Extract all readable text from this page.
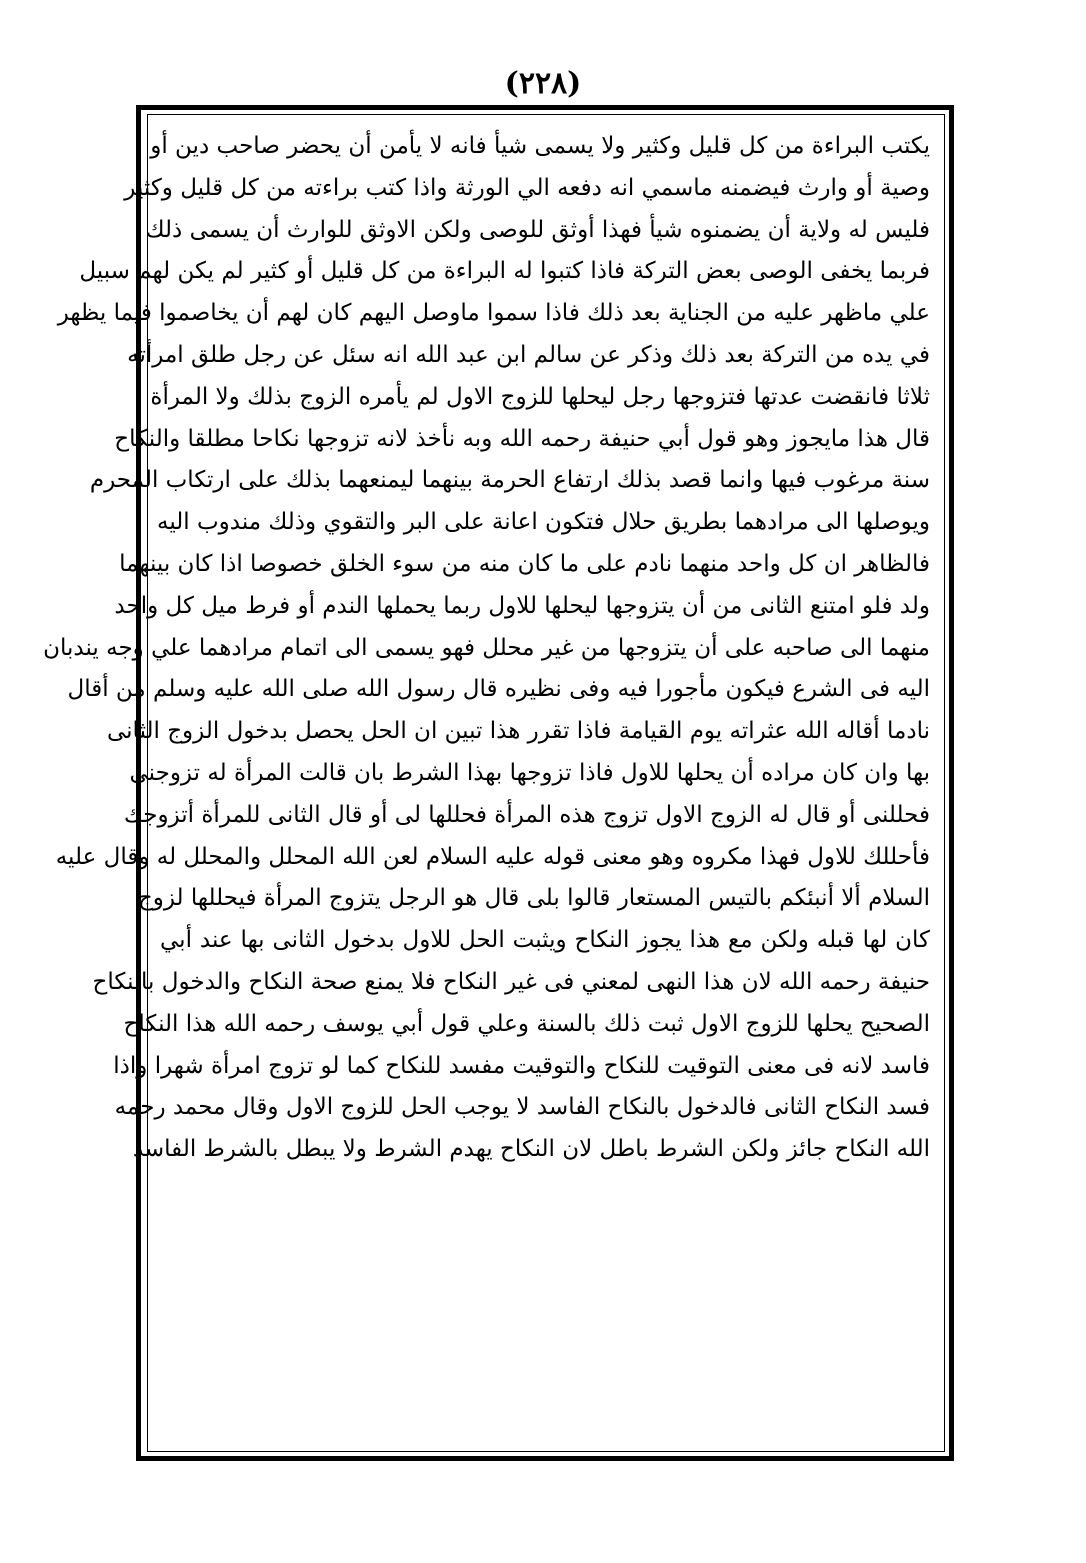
(٢٢٨)
يكتب البراءة من كل قليل وكثير ولا يسمى شيأ فانه لا يأمن أن يحضر صاحب دين أو
وصية أو وارث فيضمنه ماسمي انه دفعه الي الورثة واذا كتب براءته من كل قليل وكثير
فليس له ولاية أن يضمنوه شيأ فهذا أوثق للوصى ولكن الاوثق للوارث أن يسمى ذلك
فربما يخفى الوصى بعض التركة فاذا كتبوا له البراءة من كل قليل أو كثير لم يكن لهم سبيل
علي ماظهر عليه من الجناية بعد ذلك فاذا سموا ماوصل اليهم كان لهم أن يخاصموا فيما يظهر
في يده من التركة بعد ذلك وذكر عن سالم ابن عبد الله انه سئل عن رجل طلق امرأته
ثلاثا فانقضت عدتها فتزوجها رجل ليحلها للزوج الاول لم يأمره الزوج بذلك ولا المرأة
قال هذا مايجوز وهو قول أبي حنيفة رحمه الله وبه نأخذ لانه تزوجها نكاحا مطلقا والنكاح
سنة مرغوب فيها وانما قصد بذلك ارتفاع الحرمة بينهما ليمنعهما بذلك على ارتكاب المحرم
ويوصلها الى مرادهما بطريق حلال فتكون اعانة على البر والتقوي وذلك مندوب اليه
فالظاهر ان كل واحد منهما نادم على ما كان منه من سوء الخلق خصوصا اذا كان بينهما
ولد فلو امتنع الثانى من أن يتزوجها ليحلها للاول ربما يحملها الندم أو فرط ميل كل واحد
منهما الى صاحبه على أن يتزوجها من غير محلل فهو يسمى الى اتمام مرادهما علي وجه يندبان
اليه فى الشرع فيكون مأجورا فيه وفى نظيره قال رسول الله صلى الله عليه وسلم من أقال
نادما أقاله الله عثراته يوم القيامة فاذا تقرر هذا تبين ان الحل يحصل بدخول الزوج الثانى
بها وان كان مراده أن يحلها للاول فاذا تزوجها بهذا الشرط بان قالت المرأة له تزوجنى
فحللنى أو قال له الزوج الاول تزوج هذه المرأة فحللها لى أو قال الثانى للمرأة أتزوجك
فأحللك للاول فهذا مكروه وهو معنى قوله عليه السلام لعن الله المحلل والمحلل له وقال عليه
السلام ألا أنبئكم بالتيس المستعار قالوا بلى قال هو الرجل يتزوج المرأة فيحللها لزوج
كان لها قبله ولكن مع هذا يجوز النكاح ويثبت الحل للاول بدخول الثانى بها عند أبي
حنيفة رحمه الله لان هذا النهى لمعني فى غير النكاح فلا يمنع صحة النكاح والدخول بالنكاح
الصحيح يحلها للزوج الاول ثبت ذلك بالسنة وعلي قول أبي يوسف رحمه الله هذا النكاح
فاسد لانه فى معنى التوقيت للنكاح والتوقيت مفسد للنكاح كما لو تزوج امرأة شهرا واذا
فسد النكاح الثانى فالدخول بالنكاح الفاسد لا يوجب الحل للزوج الاول وقال محمد رحمه
الله النكاح جائز ولكن الشرط باطل لان النكاح يهدم الشرط ولا يبطل بالشرط الفاسد
